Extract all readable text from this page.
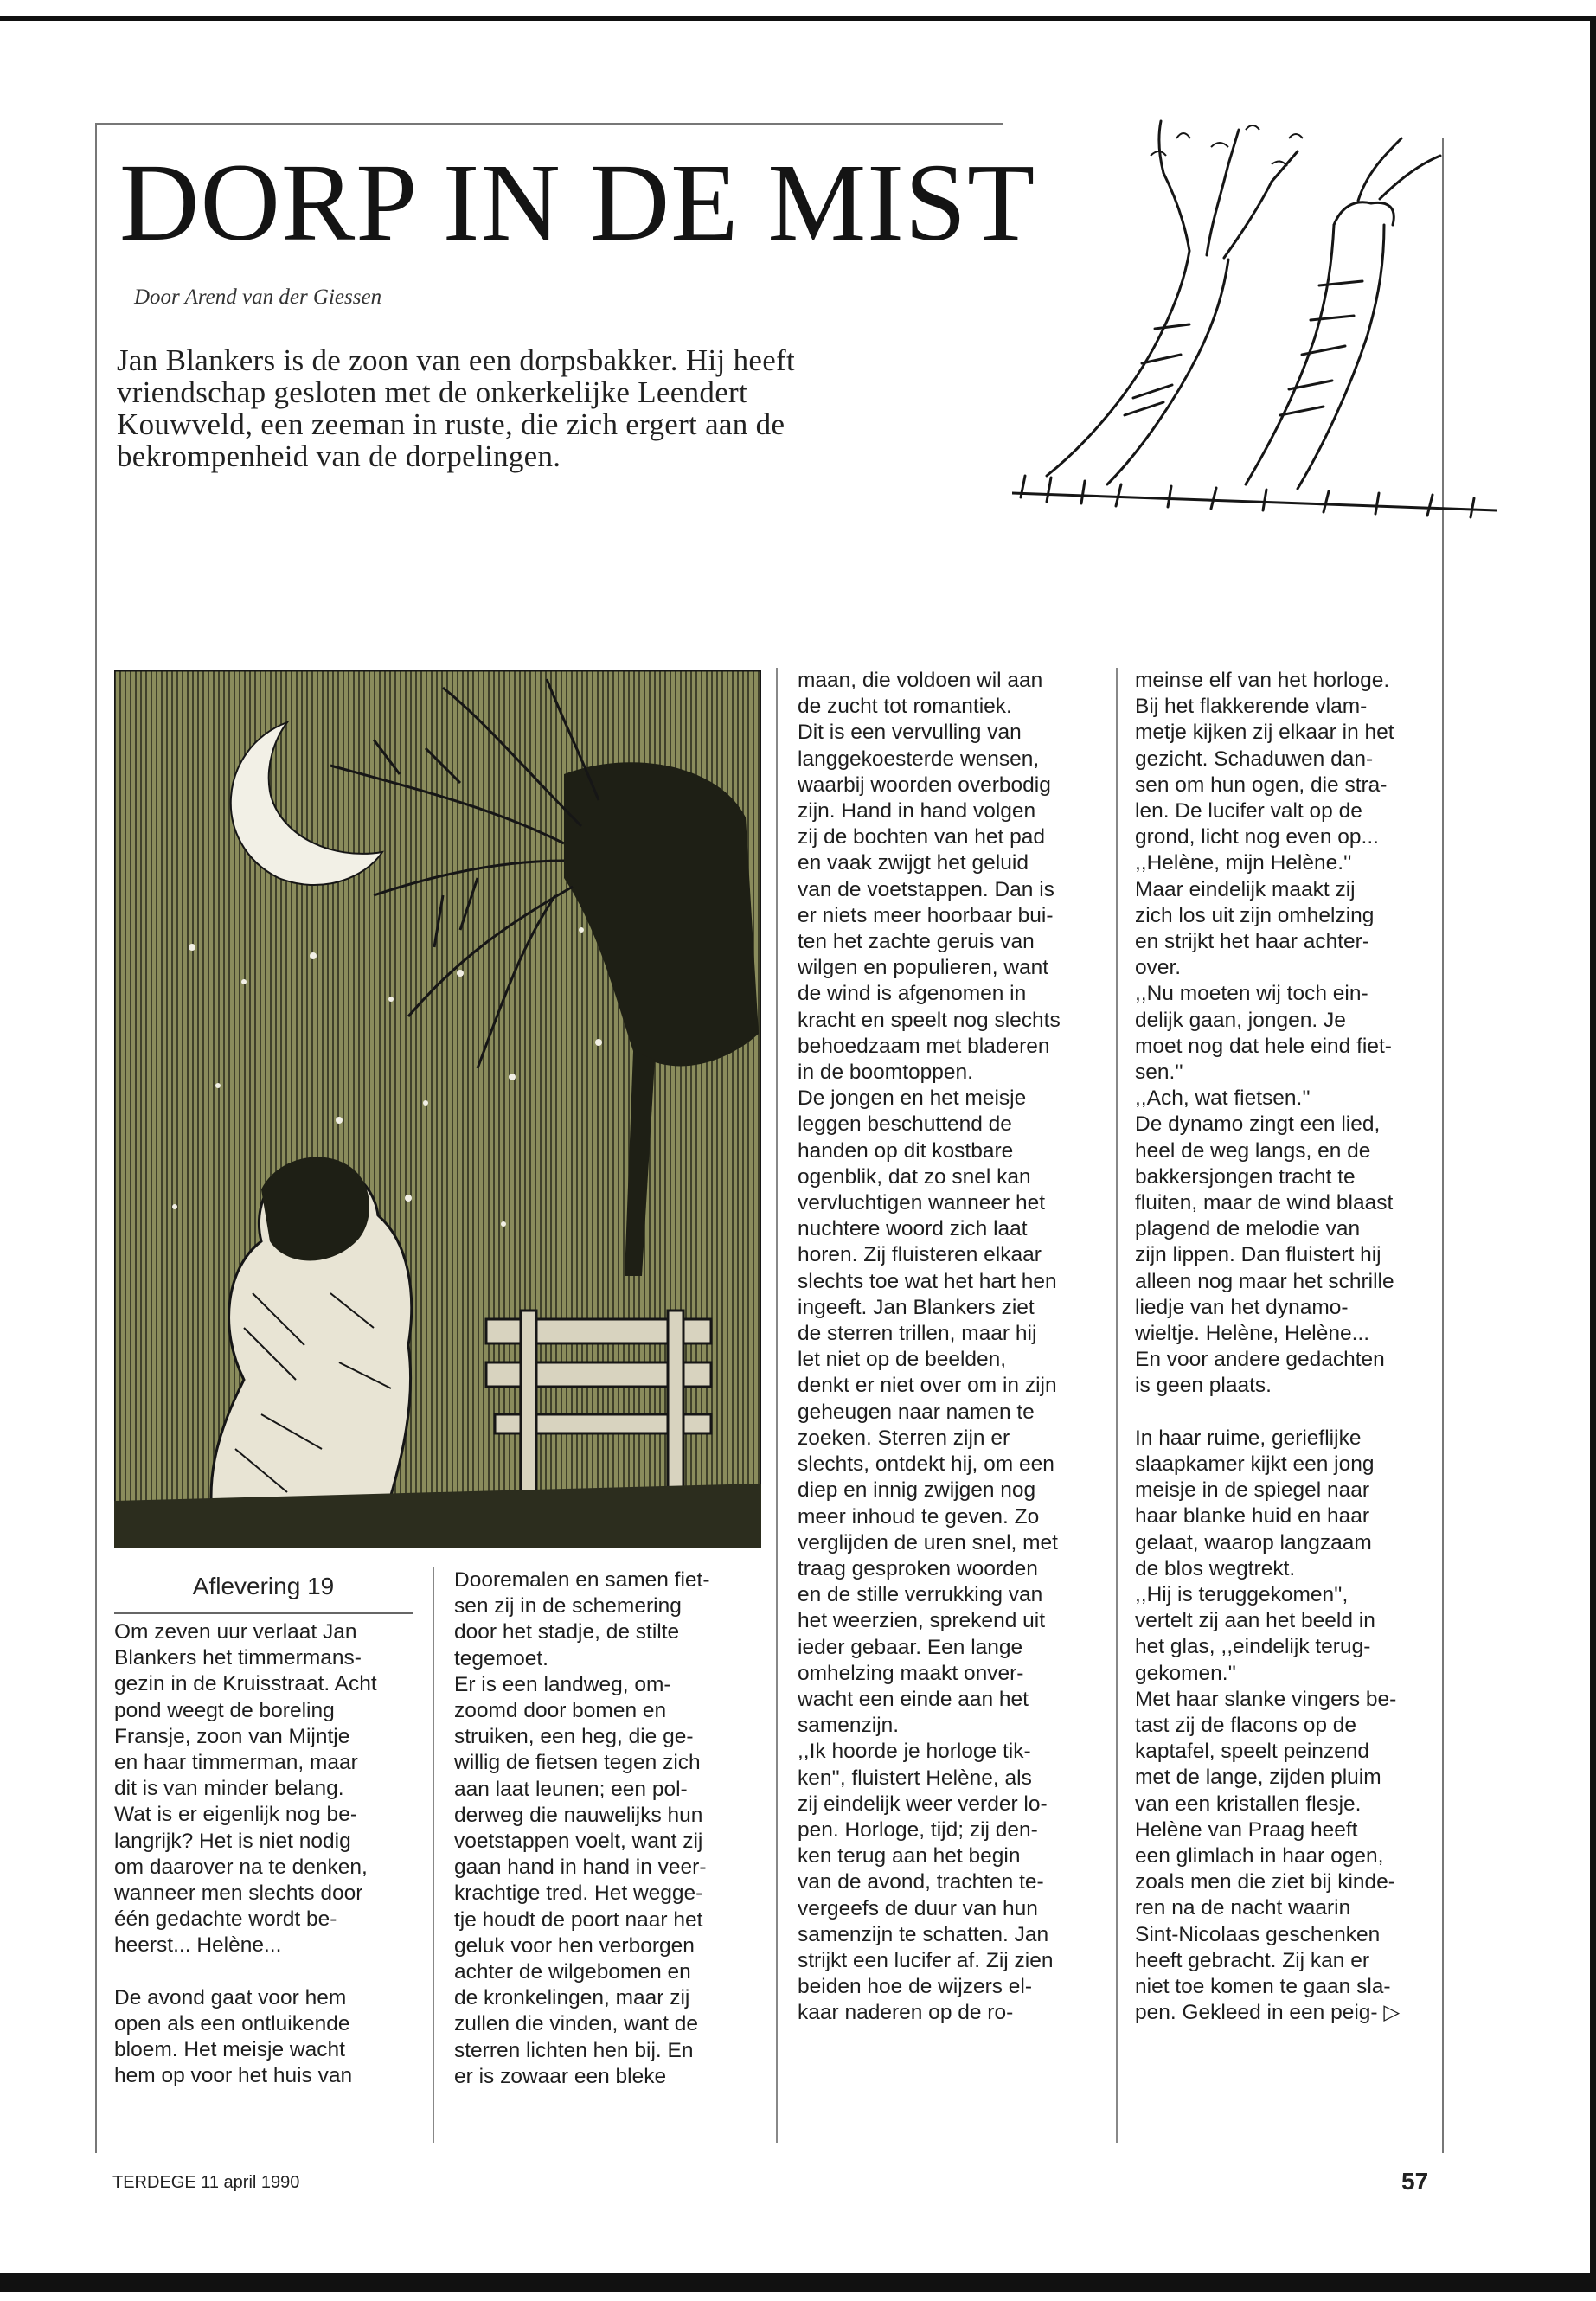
DORP IN DE MIST
Door Arend van der Giessen
Jan Blankers is de zoon van een dorpsbakker. Hij heeft
vriendschap gesloten met de onkerkelijke Leendert
Kouwveld, een zeeman in ruste, die zich ergert aan de
bekrompenheid van de dorpelingen.
Aflevering 19

Om zeven uur verlaat Jan

Blankers het timmermans-

gezin in de Kruisstraat. Acht

pond weegt de boreling

Fransje, zoon van Mijntje

en haar timmerman, maar

dit is van minder belang.

Wat is er eigenlijk nog be-

langrijk? Het is niet nodig

om daarover na te denken,

wanneer men slechts door

één gedachte wordt be-

heerst... Helène...

De avond gaat voor hem

open als een ontluikende

bloem. Het meisje wacht

hem op voor het huis van

Dooremalen en samen fiet-

sen zij in de schemering

door het stadje, de stilte

tegemoet.

Er is een landweg, om-

zoomd door bomen en

struiken, een heg, die ge-

willig de fietsen tegen zich

aan laat leunen; een pol-

derweg die nauwelijks hun

voetstappen voelt, want zij

gaan hand in hand in veer-

krachtige tred. Het wegge-

tje houdt de poort naar het

geluk voor hen verborgen

achter de wilgebomen en

de kronkelingen, maar zij

zullen die vinden, want de

sterren lichten hen bij. En

er is zowaar een bleke

maan, die voldoen wil aan

de zucht tot romantiek.

Dit is een vervulling van

langgekoesterde wensen,

waarbij woorden overbodig

zijn. Hand in hand volgen

zij de bochten van het pad

en vaak zwijgt het geluid

van de voetstappen. Dan is

er niets meer hoorbaar bui-

ten het zachte geruis van

wilgen en populieren, want

de wind is afgenomen in

kracht en speelt nog slechts

behoedzaam met bladeren

in de boomtoppen.

De jongen en het meisje

leggen beschuttend de

handen op dit kostbare

ogenblik, dat zo snel kan

vervluchtigen wanneer het

nuchtere woord zich laat

horen. Zij fluisteren elkaar

slechts toe wat het hart hen

ingeeft. Jan Blankers ziet

de sterren trillen, maar hij

let niet op de beelden,

denkt er niet over om in zijn

geheugen naar namen te

zoeken. Sterren zijn er

slechts, ontdekt hij, om een

diep en innig zwijgen nog

meer inhoud te geven. Zo

verglijden de uren snel, met

traag gesproken woorden

en de stille verrukking van

het weerzien, sprekend uit

ieder gebaar. Een lange

omhelzing maakt onver-

wacht een einde aan het

samenzijn.

,,Ik hoorde je horloge tik-

ken'', fluistert Helène, als

zij eindelijk weer verder lo-

pen. Horloge, tijd; zij den-

ken terug aan het begin

van de avond, trachten te-

vergeefs de duur van hun

samenzijn te schatten. Jan

strijkt een lucifer af. Zij zien

beiden hoe de wijzers el-

kaar naderen op de ro-

meinse elf van het horloge.

Bij het flakkerende vlam-

metje kijken zij elkaar in het

gezicht. Schaduwen dan-

sen om hun ogen, die stra-

len. De lucifer valt op de

grond, licht nog even op...

,,Helène, mijn Helène.''

Maar eindelijk maakt zij

zich los uit zijn omhelzing

en strijkt het haar achter-

over.

,,Nu moeten wij toch ein-

delijk gaan, jongen. Je

moet nog dat hele eind fiet-

sen.''

,,Ach, wat fietsen.''

De dynamo zingt een lied,

heel de weg langs, en de

bakkersjongen tracht te

fluiten, maar de wind blaast

plagend de melodie van

zijn lippen. Dan fluistert hij

alleen nog maar het schrille

liedje van het dynamo-

wieltje. Helène, Helène...

En voor andere gedachten

is geen plaats.

In haar ruime, gerieflijke

slaapkamer kijkt een jong

meisje in de spiegel naar

haar blanke huid en haar

gelaat, waarop langzaam

de blos wegtrekt.

,,Hij is teruggekomen'',

vertelt zij aan het beeld in

het glas, ,,eindelijk terug-

gekomen.''

Met haar slanke vingers be-

tast zij de flacons op de

kaptafel, speelt peinzend

met de lange, zijden pluim

van een kristallen flesje.

Helène van Praag heeft

een glimlach in haar ogen,

zoals men die ziet bij kinde-

ren na de nacht waarin

Sint-Nicolaas geschenken

heeft gebracht. Zij kan er

niet toe komen te gaan sla-

pen. Gekleed in een peig- ▷

TERDEGE 11 april 1990	57
